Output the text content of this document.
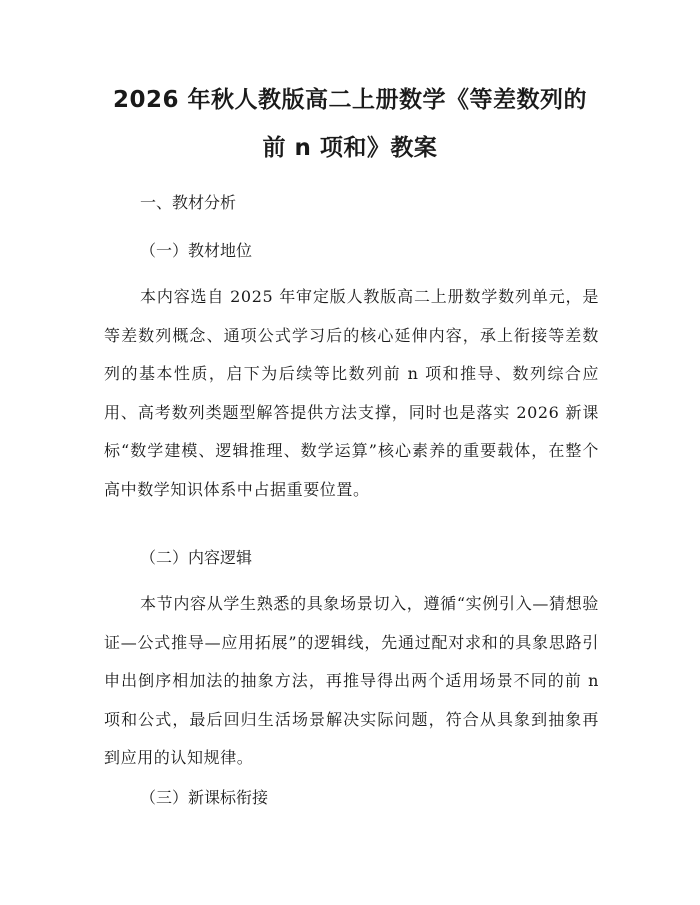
2026 年秋人教版高二上册数学《等差数列的
前 n 项和》教案
一、教材分析
（一）教材地位
本内容选自 2025 年审定版人教版高二上册数学数列单元，是等差数列概念、通项公式学习后的核心延伸内容，承上衔接等差数列的基本性质，启下为后续等比数列前 n 项和推导、数列综合应用、高考数列类题型解答提供方法支撑，同时也是落实 2026 新课标“数学建模、逻辑推理、数学运算”核心素养的重要载体，在整个高中数学知识体系中占据重要位置。
（二）内容逻辑
本节内容从学生熟悉的具象场景切入，遵循“实例引入—猜想验证—公式推导—应用拓展”的逻辑线，先通过配对求和的具象思路引申出倒序相加法的抽象方法，再推导得出两个适用场景不同的前 n 项和公式，最后回归生活场景解决实际问题，符合从具象到抽象再到应用的认知规律。
（三）新课标衔接
